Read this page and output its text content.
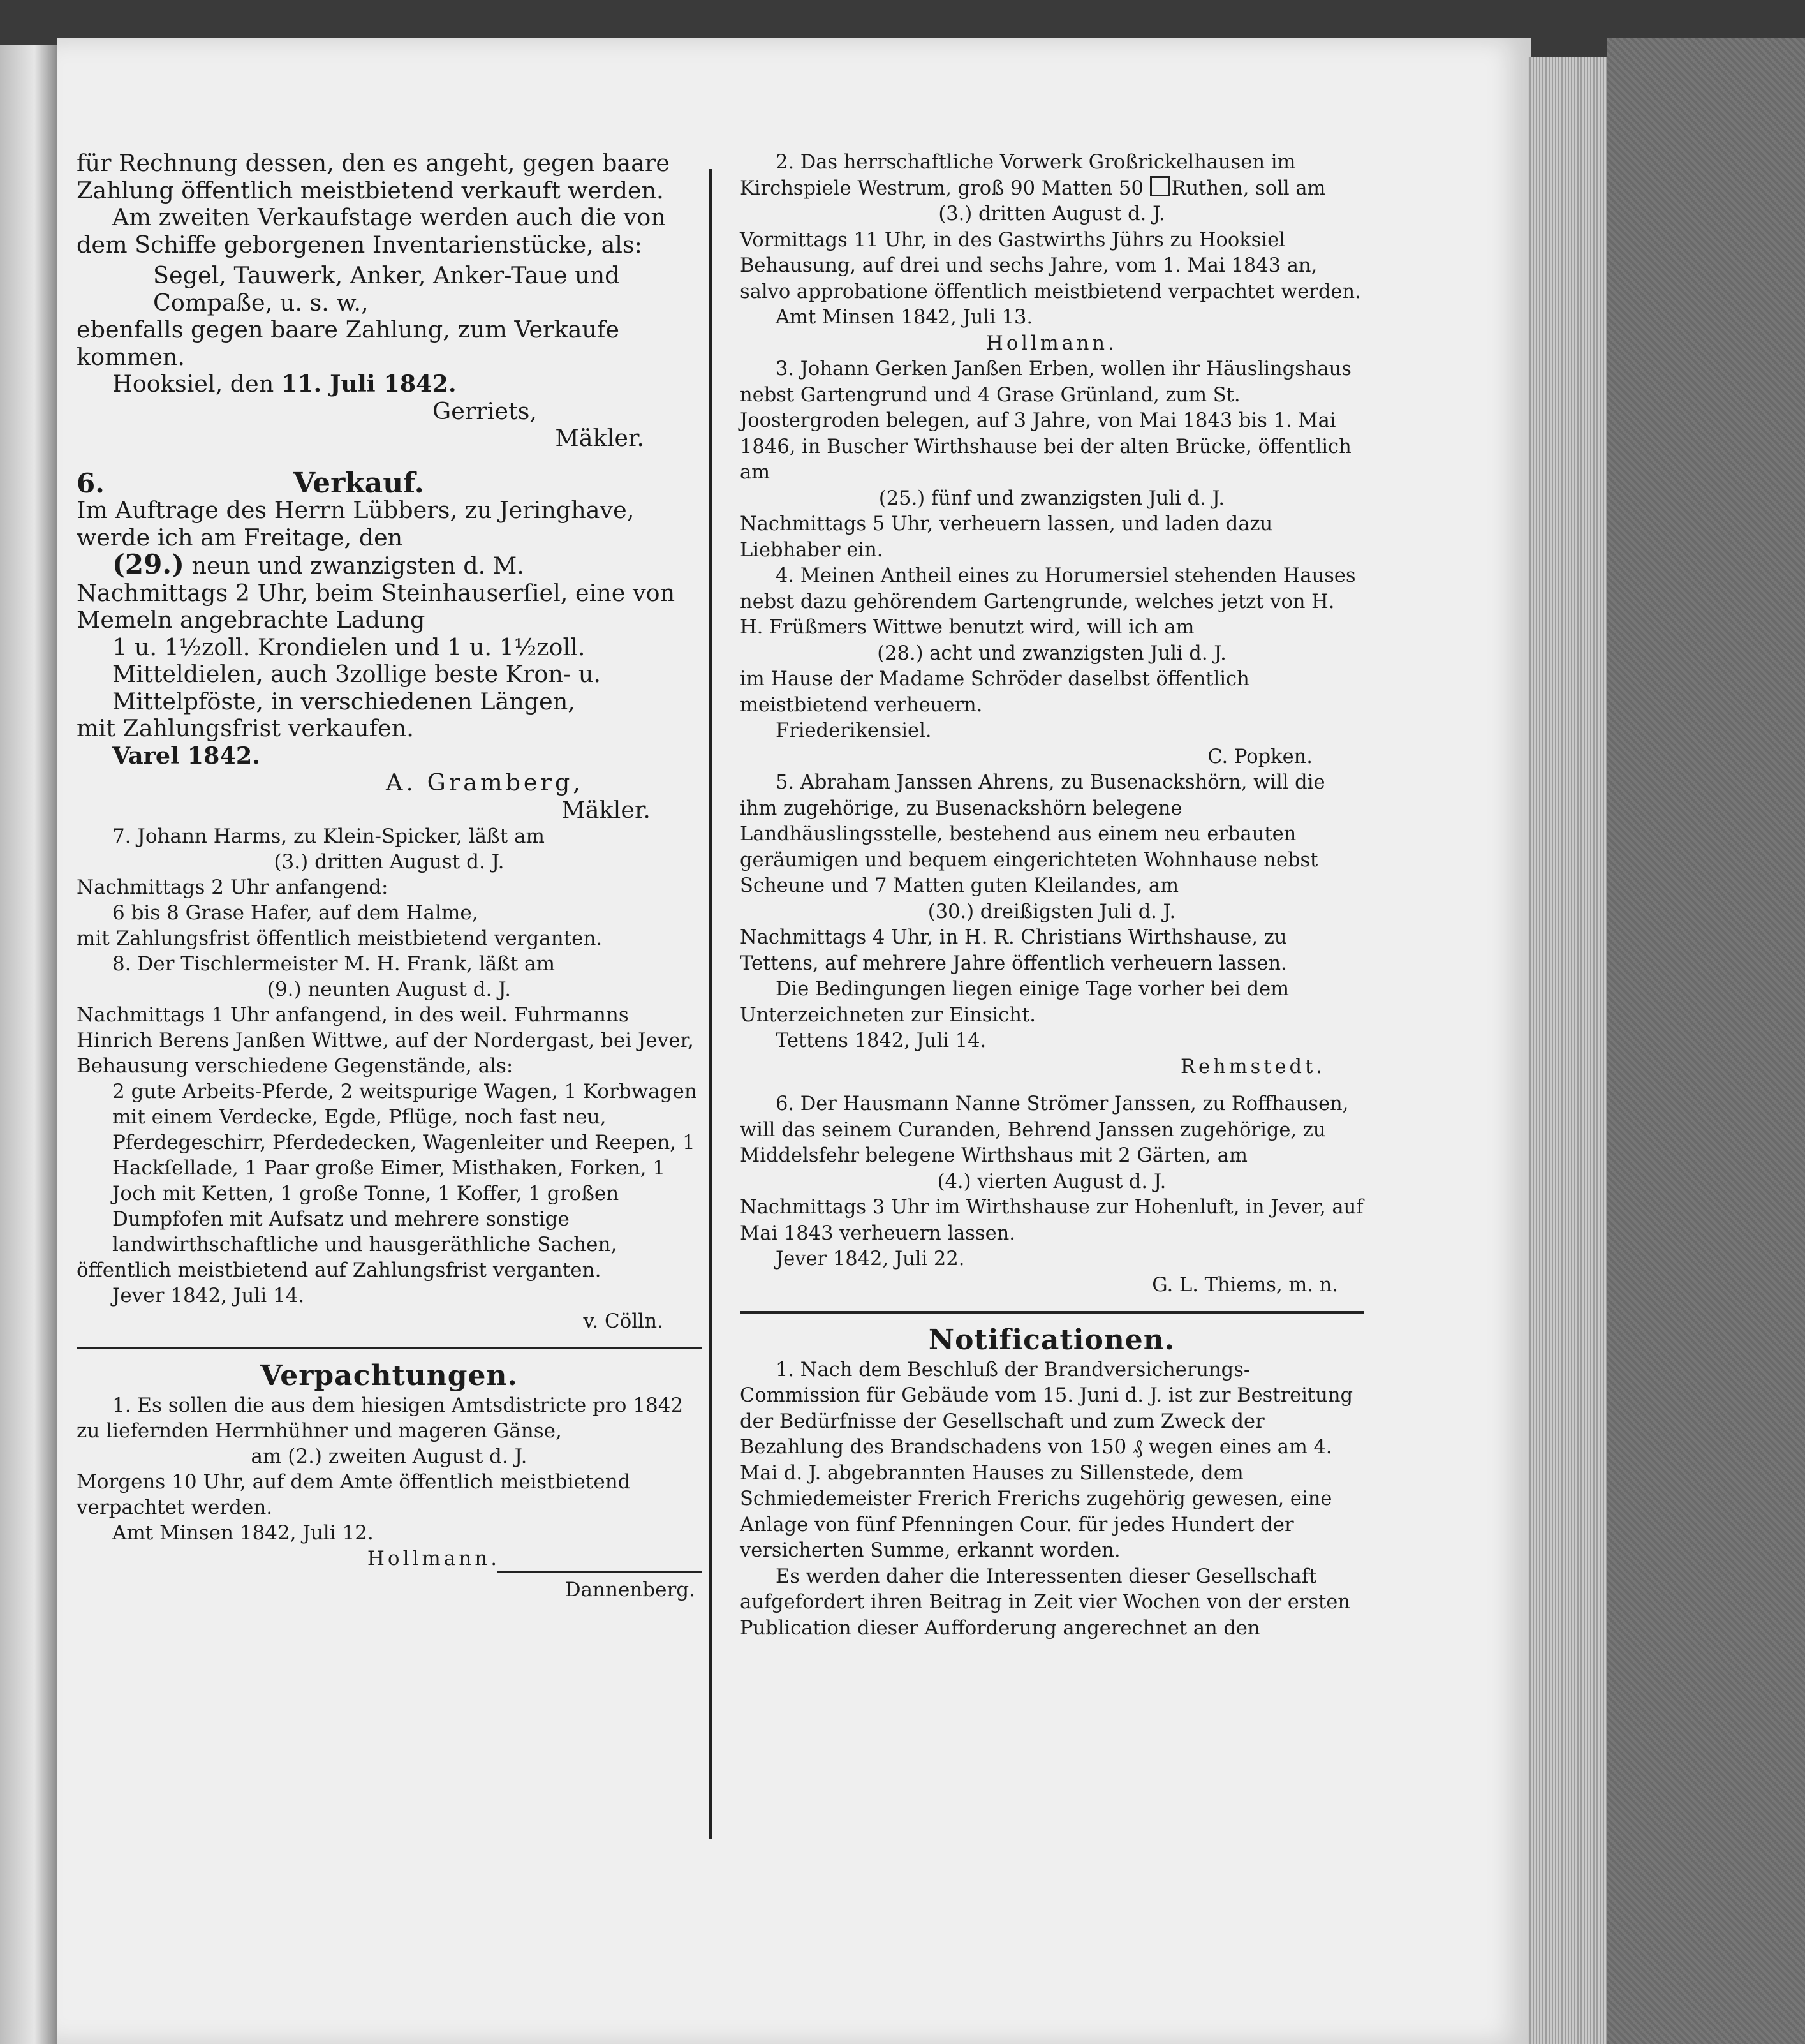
für Rechnung dessen, den es angeht, gegen baare Zahlung öffentlich meistbietend verkauft werden.

Am zweiten Verkaufstage werden auch die von dem Schiffe geborgenen Inventarienstücke, als:

Segel, Tauwerk, Anker, Anker-Taue und Compaße, u. s. w.,

ebenfalls gegen baare Zahlung, zum Verkaufe kommen.

Hooksiel, den 11. Juli 1842.

Gerriets,

Mäkler.

6.	Verkauf.

Im Auftrage des Herrn Lübbers, zu Jeringhave, werde ich am Freitage, den

(29.) neun und zwanzigsten d. M.

Nachmittags 2 Uhr, beim Steinhauserſiel, eine von Memeln angebrachte Ladung

1 u. 1½zoll. Krondielen und 1 u. 1½zoll. Mitteldielen, auch 3zollige beste Kron- u. Mittelpföste, in verschiedenen Längen,

mit Zahlungsfrist verkaufen.

Varel 1842.

A. Gramberg,

Mäkler.

7. Johann Harms, zu Klein-Spicker, läßt am

(3.) dritten August d. J.

Nachmittags 2 Uhr anfangend:

6 bis 8 Grase Hafer, auf dem Halme,

mit Zahlungsfrist öffentlich meistbietend verganten.

8. Der Tischlermeister M. H. Frank, läßt am

(9.) neunten August d. J.

Nachmittags 1 Uhr anfangend, in des weil. Fuhrmanns Hinrich Berens Janßen Wittwe, auf der Nordergast, bei Jever, Behausung verschiedene Gegenstände, als:

2 gute Arbeits-Pferde, 2 weitspurige Wagen, 1 Korbwagen mit einem Verdecke, Egde, Pflüge, noch fast neu, Pferdegeschirr, Pferdedecken, Wagenleiter und Reepen, 1 Hackſellade, 1 Paar große Eimer, Misthaken, Forken, 1 Joch mit Ketten, 1 große Tonne, 1 Koffer, 1 großen Dumpfofen mit Aufsatz und mehrere sonstige landwirthschaftliche und hausgeräthliche Sachen,

öffentlich meistbietend auf Zahlungsfrist verganten.

Jever 1842, Juli 14.

v. Cölln.

Verpachtungen.

1. Es sollen die aus dem hiesigen Amtsdistricte pro 1842 zu liefernden Herrnhühner und mageren Gänse,

am (2.) zweiten August d. J.

Morgens 10 Uhr, auf dem Amte öffentlich meistbietend verpachtet werden.

Amt Minsen 1842, Juli 12.

Hollmann.

Dannenberg.

2. Das herrschaftliche Vorwerk Großrickelhausen im Kirchspiele Westrum, groß 90 Matten 50 Ruthen, soll am

(3.) dritten August d. J.

Vormittags 11 Uhr, in des Gastwirths Jührs zu Hooksiel Behausung, auf drei und sechs Jahre, vom 1. Mai 1843 an, salvo approbatione öffentlich meistbietend verpachtet werden.

Amt Minsen 1842, Juli 13.

Hollmann.

3. Johann Gerken Janßen Erben, wollen ihr Häuslingshaus nebst Gartengrund und 4 Grase Grünland, zum St. Joostergroden belegen, auf 3 Jahre, von Mai 1843 bis 1. Mai 1846, in Buscher Wirthshause bei der alten Brücke, öffentlich am

(25.) fünf und zwanzigsten Juli d. J.

Nachmittags 5 Uhr, verheuern lassen, und laden dazu Liebhaber ein.

4. Meinen Antheil eines zu Horumersiel stehenden Hauses nebst dazu gehörendem Gartengrunde, welches jetzt von H. H. Früßmers Wittwe benutzt wird, will ich am

(28.) acht und zwanzigsten Juli d. J.

im Hause der Madame Schröder daselbst öffentlich meistbietend verheuern.

Friederikensiel.

C. Popken.

5. Abraham Janssen Ahrens, zu Busenackshörn, will die ihm zugehörige, zu Busenackshörn belegene Landhäuslingsstelle, bestehend aus einem neu erbauten geräumigen und bequem eingerichteten Wohnhause nebst Scheune und 7 Matten guten Kleilandes, am

(30.) dreißigsten Juli d. J.

Nachmittags 4 Uhr, in H. R. Christians Wirthshause, zu Tettens, auf mehrere Jahre öffentlich verheuern lassen.

Die Bedingungen liegen einige Tage vorher bei dem Unterzeichneten zur Einsicht.

Tettens 1842, Juli 14.

Rehmstedt.

6. Der Hausmann Nanne Strömer Janssen, zu Roffhausen, will das seinem Curanden, Behrend Janssen zugehörige, zu Middelsfehr belegene Wirthshaus mit 2 Gärten, am

(4.) vierten August d. J.

Nachmittags 3 Uhr im Wirthshause zur Hohenluft, in Jever, auf Mai 1843 verheuern lassen.

Jever 1842, Juli 22.

G. L. Thiems, m. n.

Notificationen.

1. Nach dem Beschluß der Brandversicherungs-Commission für Gebäude vom 15. Juni d. J. ist zur Bestreitung der Bedürfnisse der Gesellschaft und zum Zweck der Bezahlung des Brandschadens von 150 ₰ wegen eines am 4. Mai d. J. abgebrannten Hauses zu Sillenstede, dem Schmiedemeister Frerich Frerichs zugehörig gewesen, eine Anlage von fünf Pfenningen Cour. für jedes Hundert der versicherten Summe, erkannt worden.

Es werden daher die Interessenten dieser Gesellschaft aufgefordert ihren Beitrag in Zeit vier Wochen von der ersten Publication dieser Aufforderung angerechnet an den
